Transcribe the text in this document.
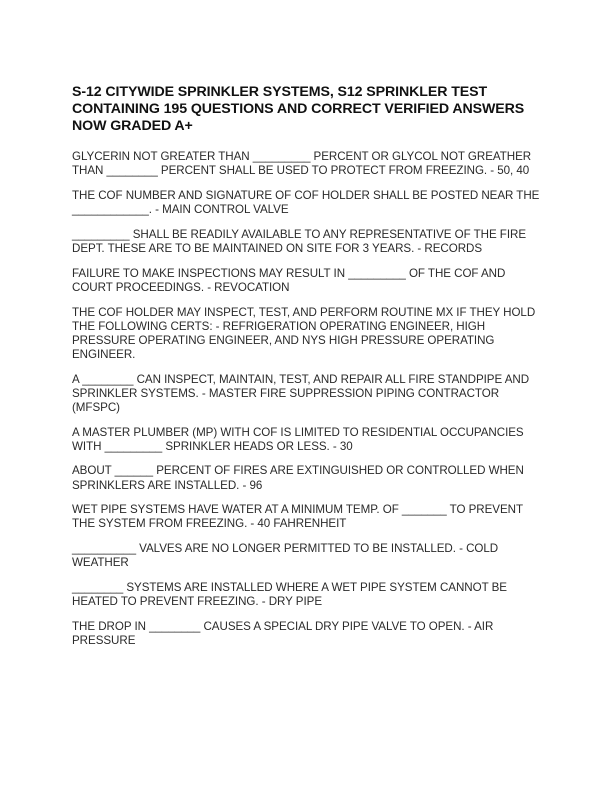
S-12 CITYWIDE SPRINKLER SYSTEMS, S12 SPRINKLER TEST CONTAINING 195 QUESTIONS AND CORRECT VERIFIED ANSWERS NOW GRADED A+

GLYCERIN NOT GREATER THAN _________ PERCENT OR GLYCOL NOT GREATHER THAN ________ PERCENT SHALL BE USED TO PROTECT FROM FREEZING. - 50, 40

THE COF NUMBER AND SIGNATURE OF COF HOLDER SHALL BE POSTED NEAR THE ____________. - MAIN CONTROL VALVE

_________ SHALL BE READILY AVAILABLE TO ANY REPRESENTATIVE OF THE FIRE DEPT. THESE ARE TO BE MAINTAINED ON SITE FOR 3 YEARS. - RECORDS

FAILURE TO MAKE INSPECTIONS MAY RESULT IN _________ OF THE COF AND COURT PROCEEDINGS. - REVOCATION

THE COF HOLDER MAY INSPECT, TEST, AND PERFORM ROUTINE MX IF THEY HOLD THE FOLLOWING CERTS: - REFRIGERATION OPERATING ENGINEER, HIGH PRESSURE OPERATING ENGINEER, AND NYS HIGH PRESSURE OPERATING ENGINEER.

A ________ CAN INSPECT, MAINTAIN, TEST, AND REPAIR ALL FIRE STANDPIPE AND SPRINKLER SYSTEMS. - MASTER FIRE SUPPRESSION PIPING CONTRACTOR (MFSPC)

A MASTER PLUMBER (MP) WITH COF IS LIMITED TO RESIDENTIAL OCCUPANCIES WITH _________ SPRINKLER HEADS OR LESS. - 30

ABOUT ______ PERCENT OF FIRES ARE EXTINGUISHED OR CONTROLLED WHEN SPRINKLERS ARE INSTALLED. - 96

WET PIPE SYSTEMS HAVE WATER AT A MINIMUM TEMP. OF _______ TO PREVENT THE SYSTEM FROM FREEZING. - 40 FAHRENHEIT

__________ VALVES ARE NO LONGER PERMITTED TO BE INSTALLED. - COLD WEATHER

________ SYSTEMS ARE INSTALLED WHERE A WET PIPE SYSTEM CANNOT BE HEATED TO PREVENT FREEZING. - DRY PIPE

THE DROP IN ________ CAUSES A SPECIAL DRY PIPE VALVE TO OPEN. - AIR PRESSURE
